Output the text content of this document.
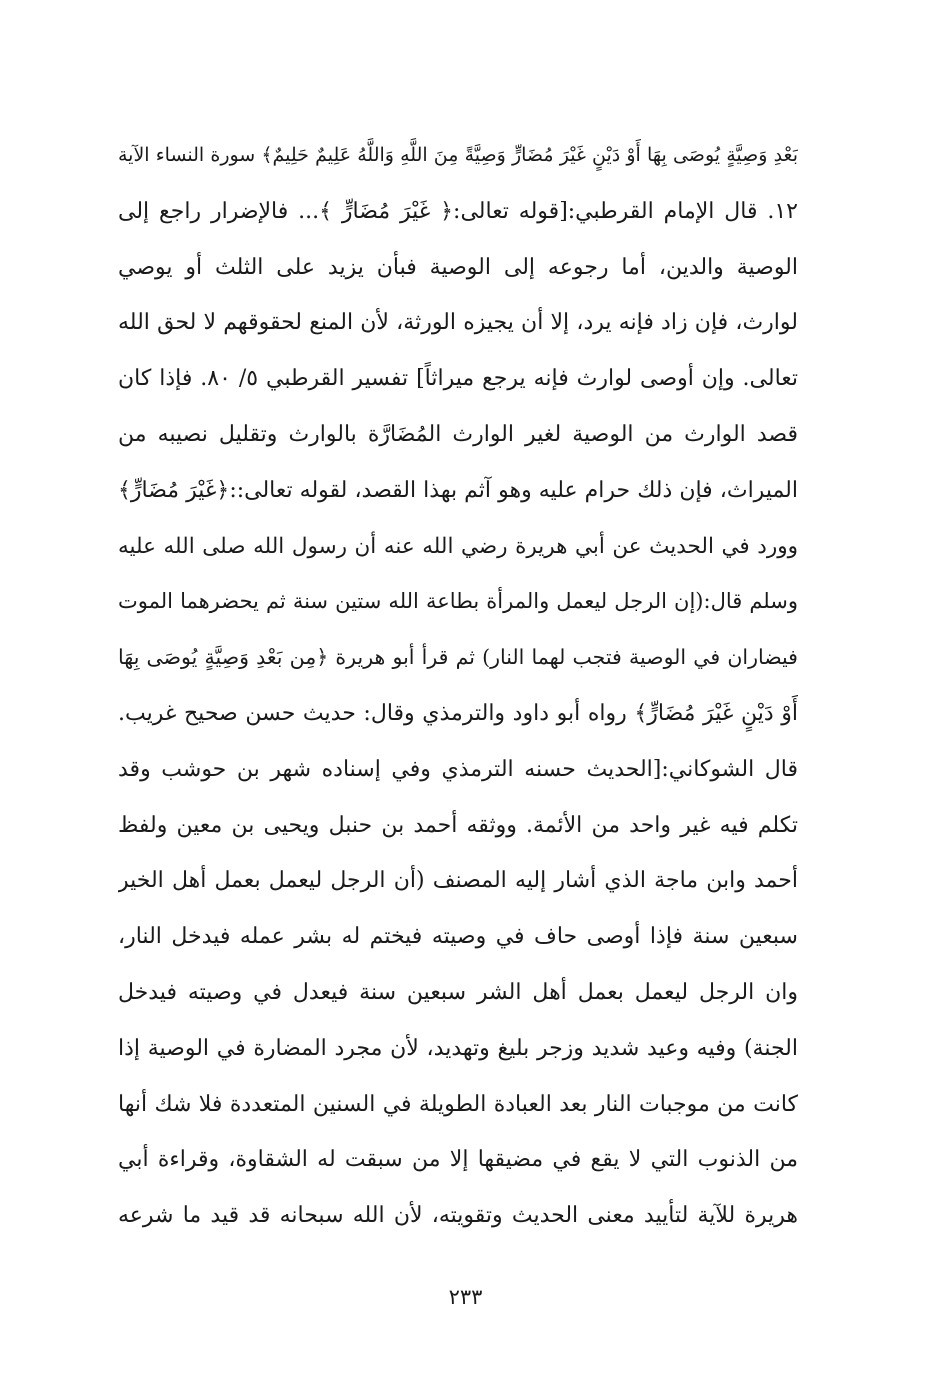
بَعْدِ وَصِيَّةٍ يُوصَى بِهَا أَوْ دَيْنٍ غَيْرَ مُضَارٍّ وَصِيَّةً مِنَ اللَّهِ وَاللَّهُ عَلِيمٌ حَلِيمٌ﴾ سورة النساء الآية
١٢. قال الإمام القرطبي:[قوله تعالى:﴿ غَيْرَ مُضَارٍّ ﴾... فالإضرار راجع إلى
الوصية والدين، أما رجوعه إلى الوصية فبأن يزيد على الثلث أو يوصي
لوارث، فإن زاد فإنه يرد، إلا أن يجيزه الورثة، لأن المنع لحقوقهم لا لحق الله
تعالى. وإن أوصى لوارث فإنه يرجع ميراثاً] تفسير القرطبي ٥/ ٨٠. فإذا كان
قصد الوارث من الوصية لغير الوارث المُضَارَّة بالوارث وتقليل نصيبه من
الميراث، فإن ذلك حرام عليه وهو آثم بهذا القصد، لقوله تعالى::﴿غَيْرَ مُضَارٍّ﴾
وورد في الحديث عن أبي هريرة رضي الله عنه أن رسول الله صلى الله عليه
وسلم قال:(إن الرجل ليعمل والمرأة بطاعة الله ستين سنة ثم يحضرهما الموت
فيضاران في الوصية فتجب لهما النار) ثم قرأ أبو هريرة ﴿مِن بَعْدِ وَصِيَّةٍ يُوصَى بِهَا
أَوْ دَيْنٍ غَيْرَ مُضَارٍّ﴾ رواه أبو داود والترمذي وقال: حديث حسن صحيح غريب.
قال الشوكاني:[الحديث حسنه الترمذي وفي إسناده شهر بن حوشب وقد
تكلم فيه غير واحد من الأئمة. ووثقه أحمد بن حنبل ويحيى بن معين ولفظ
أحمد وابن ماجة الذي أشار إليه المصنف (أن الرجل ليعمل بعمل أهل الخير
سبعين سنة فإذا أوصى حاف في وصيته فيختم له بشر عمله فيدخل النار،
وان الرجل ليعمل بعمل أهل الشر سبعين سنة فيعدل في وصيته فيدخل
الجنة) وفيه وعيد شديد وزجر بليغ وتهديد، لأن مجرد المضارة في الوصية إذا
كانت من موجبات النار بعد العبادة الطويلة في السنين المتعددة فلا شك أنها
من الذنوب التي لا يقع في مضيقها إلا من سبقت له الشقاوة، وقراءة أبي
هريرة للآية لتأييد معنى الحديث وتقويته، لأن الله سبحانه قد قيد ما شرعه
٢٣٣
